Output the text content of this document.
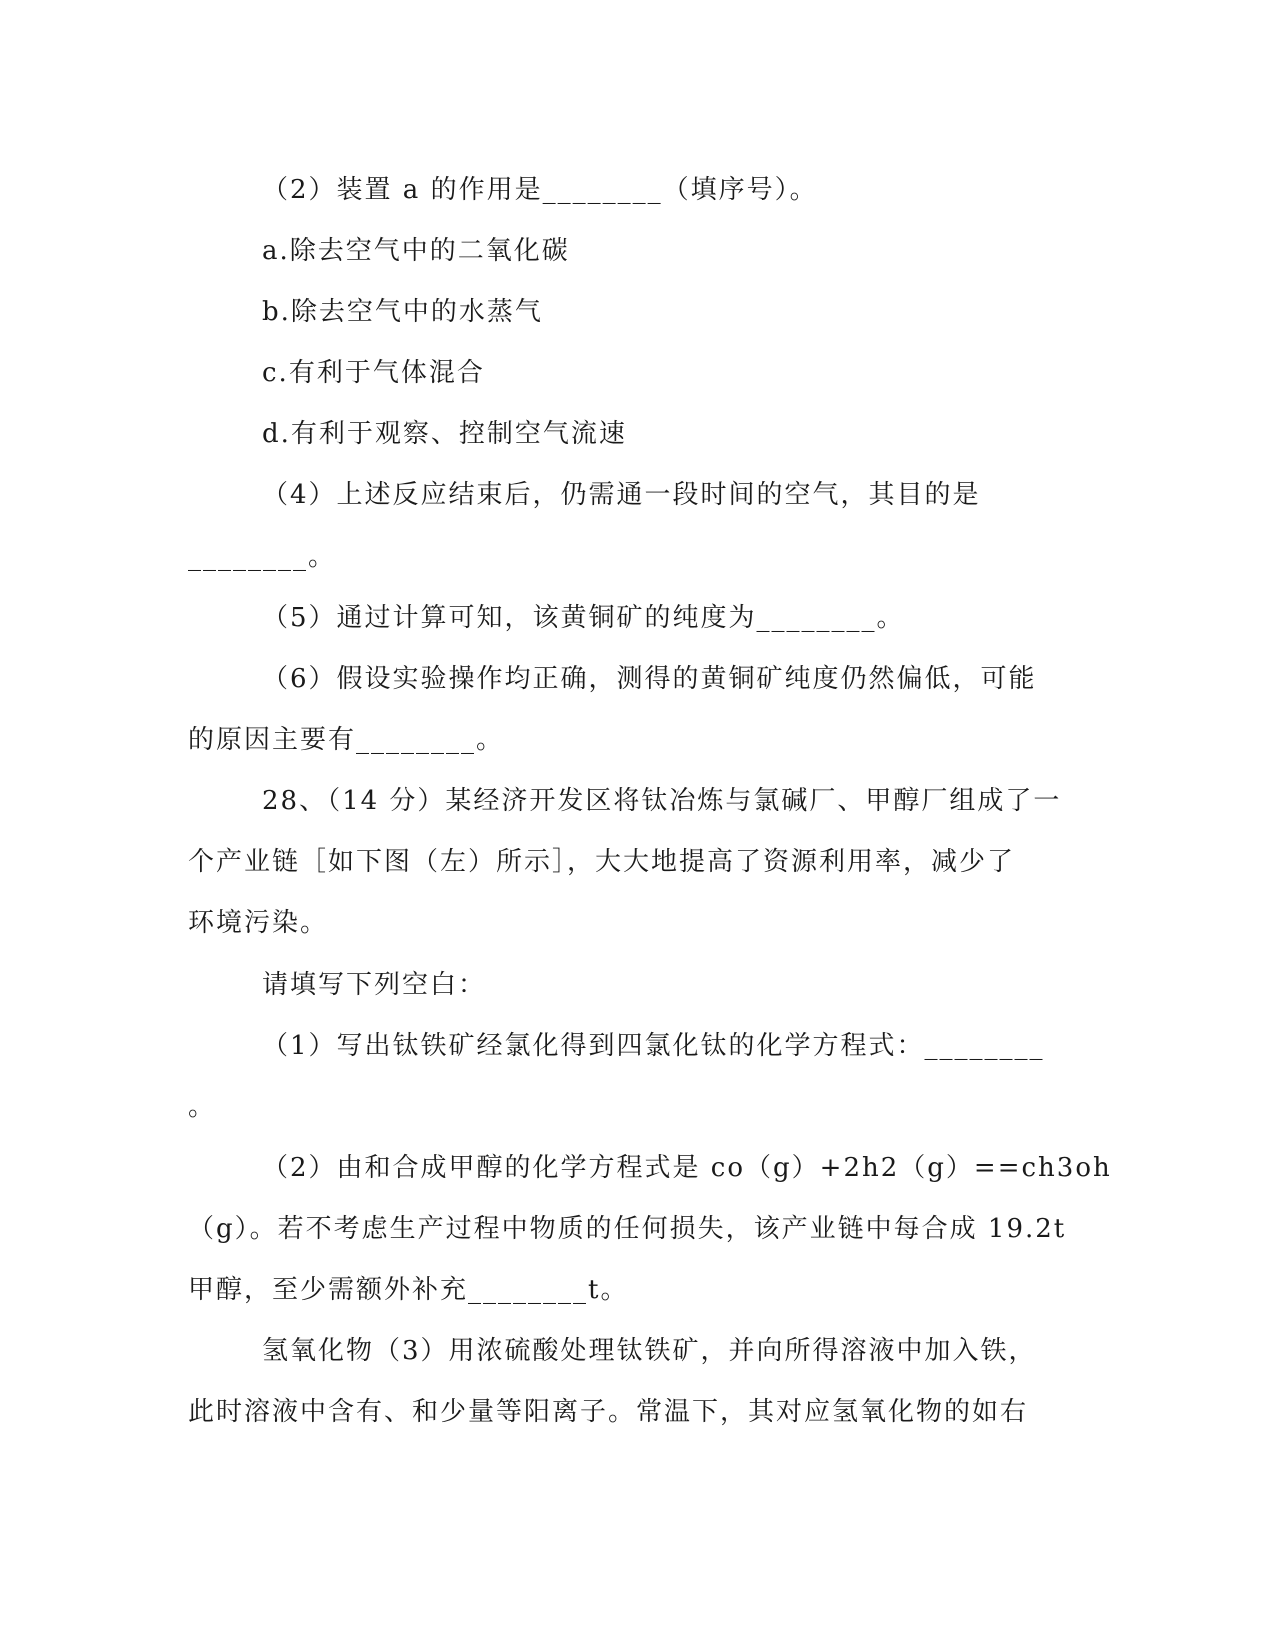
（2）装置 a 的作用是________（填序号）。
a.除去空气中的二氧化碳
b.除去空气中的水蒸气
c.有利于气体混合
d.有利于观察、控制空气流速
（4）上述反应结束后，仍需通一段时间的空气，其目的是
________。
（5）通过计算可知，该黄铜矿的纯度为________。
（6）假设实验操作均正确，测得的黄铜矿纯度仍然偏低，可能
的原因主要有________。
28、（14 分）某经济开发区将钛冶炼与氯碱厂、甲醇厂组成了一
个产业链［如下图（左）所示］，大大地提高了资源利用率，减少了
环境污染。
请填写下列空白：
（1）写出钛铁矿经氯化得到四氯化钛的化学方程式：________
。
（2）由和合成甲醇的化学方程式是 co（g）+2h2（g）==ch3oh
（g）。若不考虑生产过程中物质的任何损失，该产业链中每合成 19.2t
甲醇，至少需额外补充________t。
氢氧化物（3）用浓硫酸处理钛铁矿，并向所得溶液中加入铁，
此时溶液中含有、和少量等阳离子。常温下，其对应氢氧化物的如右
